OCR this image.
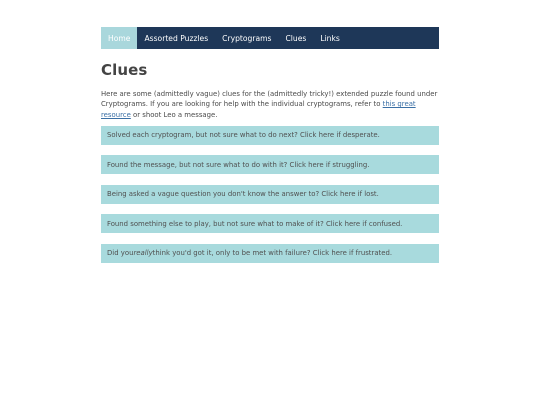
Home	Assorted Puzzles	Cryptograms	Clues	Links
Clues

Here are some (admittedly vague) clues for the (admittedly tricky!) extended puzzle found under Cryptograms. If you are looking for help with the individual cryptograms, refer to this great resource or shoot Leo a message.

Solved each cryptogram, but not sure what to do next? Click here if desperate.
Found the message, but not sure what to do with it? Click here if struggling.
Being asked a vague question you don't know the answer to? Click here if lost.
Found something else to play, but not sure what to make of it? Click here if confused.
Did you really think you'd got it, only to be met with failure? Click here if frustrated.
